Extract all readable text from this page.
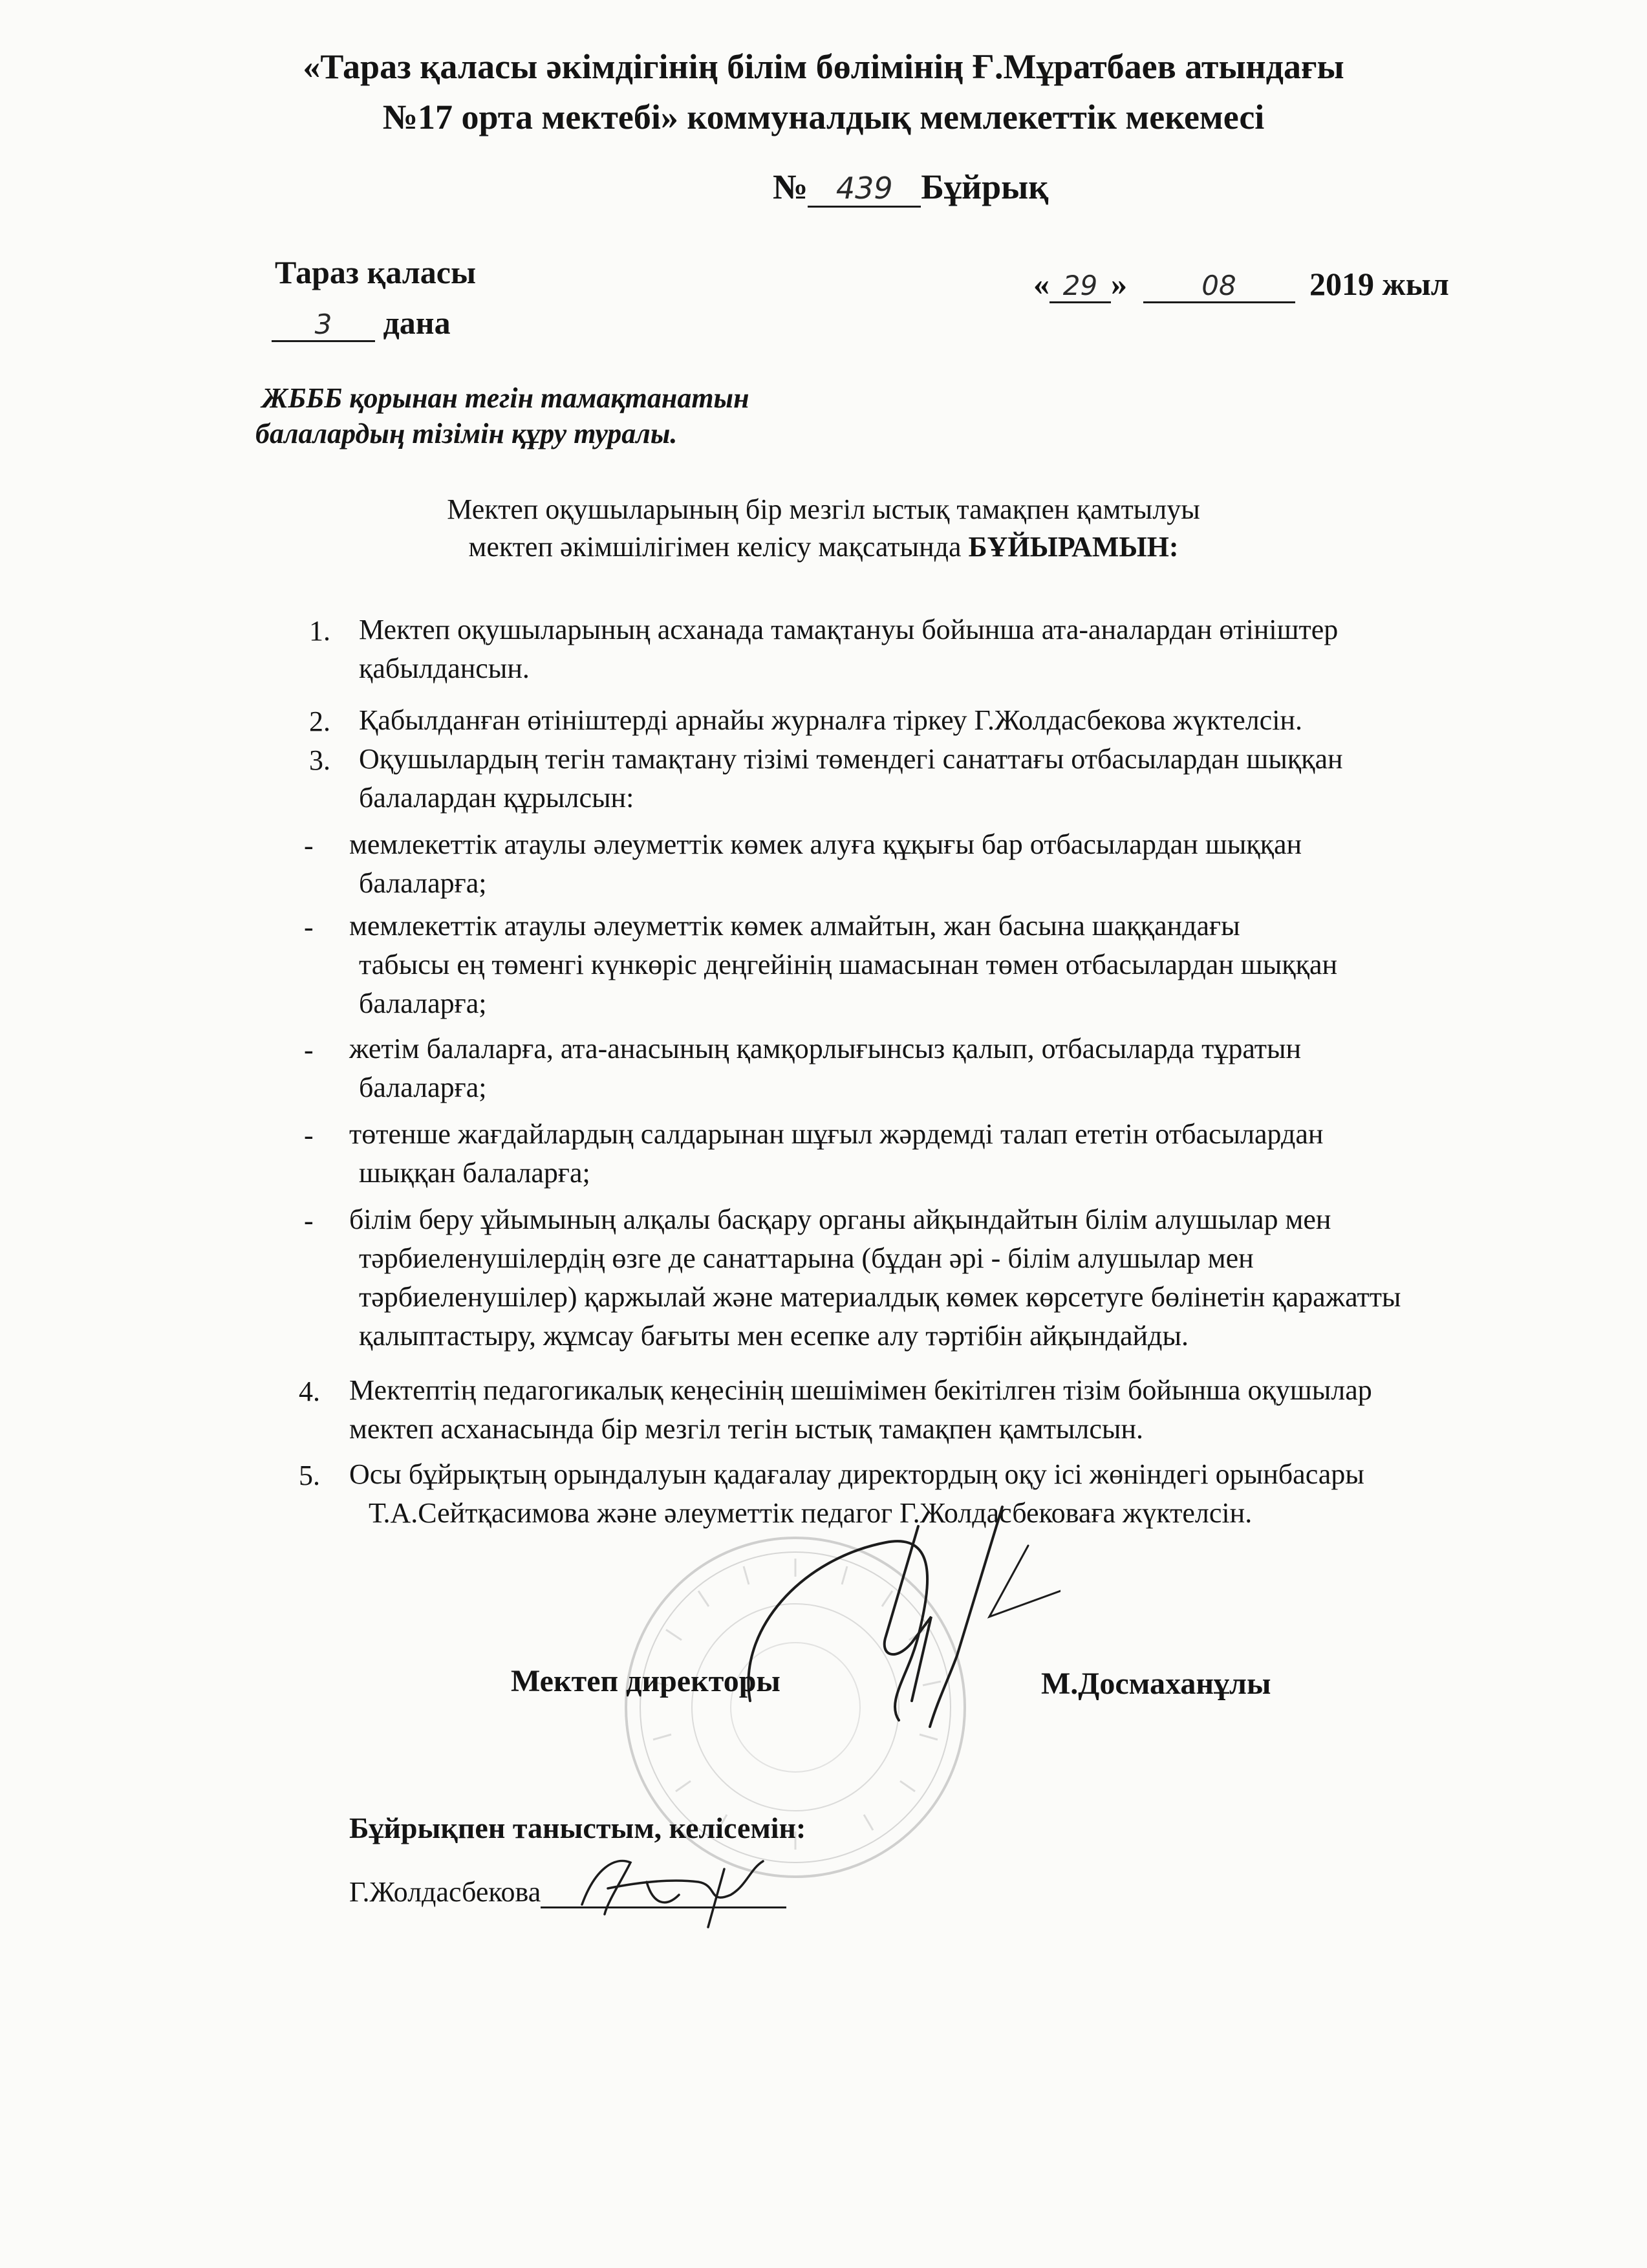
«Тараз қаласы әкімдігінің білім бөлімінің Ғ.Мұратбаев атындағы
№17 орта мектебі» коммуналдық мемлекеттік мекемесі
№ 439 Бұйрық
Тараз қаласы
3 дана
« 29 »	08 2019 жыл
ЖБББ қорынан тегін тамақтанатын
балалардың тізімін құру туралы.
Мектеп оқушыларының бір мезгіл ыстық тамақпен қамтылуы
мектеп әкімшілігімен келісу мақсатында БҰЙЫРАМЫН:
1. Мектеп оқушыларының асханада тамақтануы бойынша ата-аналардан өтініштер
қабылдансын.
2. Қабылданған өтініштерді арнайы журналға тіркеу Г.Жолдасбекова жүктелсін.
3. Оқушылардың тегін тамақтану тізімі төмендегі санаттағы отбасылардан шыққан
балалардан құрылсын:
- мемлекеттік атаулы әлеуметтік көмек алуға құқығы бар отбасылардан шыққан
балаларға;
- мемлекеттік атаулы әлеуметтік көмек алмайтын, жан басына шаққандағы
табысы ең төменгі күнкөріс деңгейінің шамасынан төмен отбасылардан шыққан
балаларға;
- жетім балаларға, ата-анасының қамқорлығынсыз қалып, отбасыларда тұратын
балаларға;
- төтенше жағдайлардың салдарынан шұғыл жәрдемді талап ететін отбасылардан
шыққан балаларға;
- білім беру ұйымының алқалы басқару органы айқындайтын білім алушылар мен
тәрбиеленушілердің өзге де санаттарына (бұдан әрі - білім алушылар мен
тәрбиеленушілер) қаржылай және материалдық көмек көрсетуге бөлінетін қаражатты
қалыптастыру, жұмсау бағыты мен есепке алу тәртібін айқындайды.
4. Мектептің педагогикалық кеңесінің шешімімен бекітілген тізім бойынша оқушылар
мектеп асханасында бір мезгіл тегін ыстық тамақпен қамтылсын.
5. Осы бұйрықтың орындалуын қадағалау директордың оқу ісі жөніндегі орынбасары
Т.А.Сейтқасимова және әлеуметтік педагог Г.Жолдасбековаға жүктелсін.
Мектеп директоры	М.Досмаханұлы
Бұйрықпен таныстым, келісемін:
Г.Жолдасбекова
